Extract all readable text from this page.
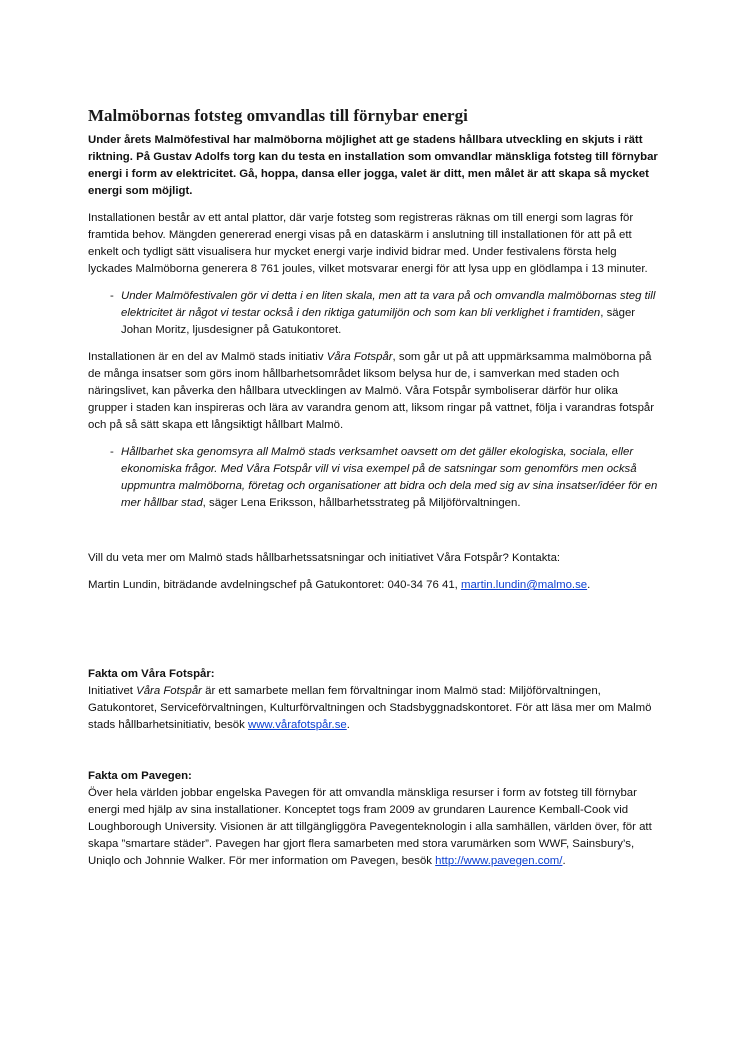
Malmöbornas fotsteg omvandlas till förnybar energi

Under årets Malmöfestival har malmöborna möjlighet att ge stadens hållbara utveckling en skjuts i rätt riktning. På Gustav Adolfs torg kan du testa en installation som omvandlar mänskliga fotsteg till förnybar energi i form av elektricitet. Gå, hoppa, dansa eller jogga, valet är ditt, men målet är att skapa så mycket energi som möjligt.

Installationen består av ett antal plattor, där varje fotsteg som registreras räknas om till energi som lagras för framtida behov. Mängden genererad energi visas på en dataskärm i anslutning till installationen för att på ett enkelt och tydligt sätt visualisera hur mycket energi varje individ bidrar med. Under festivalens första helg lyckades Malmöborna generera 8 761 joules, vilket motsvarar energi för att lysa upp en glödlampa i 13 minuter.

- Under Malmöfestivalen gör vi detta i en liten skala, men att ta vara på och omvandla malmöbornas steg till elektricitet är något vi testar också i den riktiga gatumiljön och som kan bli verklighet i framtiden, säger Johan Moritz, ljusdesigner på Gatukontoret.

Installationen är en del av Malmö stads initiativ Våra Fotspår, som går ut på att uppmärksamma malmöborna på de många insatser som görs inom hållbarhetsområdet liksom belysa hur de, i samverkan med staden och näringslivet, kan påverka den hållbara utvecklingen av Malmö. Våra Fotspår symboliserar därför hur olika grupper i staden kan inspireras och lära av varandra genom att, liksom ringar på vattnet, följa i varandras fotspår och på så sätt skapa ett långsiktigt hållbart Malmö.

- Hållbarhet ska genomsyra all Malmö stads verksamhet oavsett om det gäller ekologiska, sociala, eller ekonomiska frågor. Med Våra Fotspår vill vi visa exempel på de satsningar som genomförs men också uppmuntra malmöborna, företag och organisationer att bidra och dela med sig av sina insatser/idéer för en mer hållbar stad, säger Lena Eriksson, hållbarhetsstrateg på Miljöförvaltningen.

Vill du veta mer om Malmö stads hållbarhetssatsningar och initiativet Våra Fotspår? Kontakta:

Martin Lundin, biträdande avdelningschef på Gatukontoret: 040-34 76 41, martin.lundin@malmo.se.

Fakta om Våra Fotspår:

Initiativet Våra Fotspår är ett samarbete mellan fem förvaltningar inom Malmö stad: Miljöförvaltningen, Gatukontoret, Serviceförvaltningen, Kulturförvaltningen och Stadsbyggnadskontoret. För att läsa mer om Malmö stads hållbarhetsinitiativ, besök www.vårafotspår.se.

Fakta om Pavegen:

Över hela världen jobbar engelska Pavegen för att omvandla mänskliga resurser i form av fotsteg till förnybar energi med hjälp av sina installationer. Konceptet togs fram 2009 av grundaren Laurence Kemball-Cook vid Loughborough University. Visionen är att tillgängliggöra Pavegenteknologin i alla samhällen, världen över, för att skapa ”smartare städer”. Pavegen har gjort flera samarbeten med stora varumärken som WWF, Sainsbury’s, Uniqlo och Johnnie Walker. För mer information om Pavegen, besök http://www.pavegen.com/.
